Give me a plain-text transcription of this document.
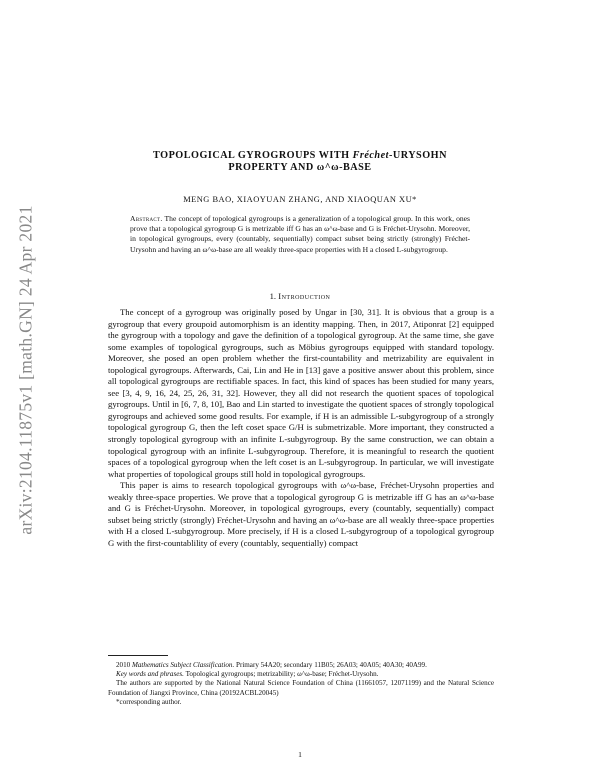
arXiv:2104.11875v1 [math.GN] 24 Apr 2021
TOPOLOGICAL GYROGROUPS WITH Fréchet-URYSOHN
PROPERTY AND ω^ω-BASE
MENG BAO, XIAOYUAN ZHANG, AND XIAOQUAN XU*
Abstract. The concept of topological gyrogroups is a generalization of a topological group. In this work, ones prove that a topological gyrogroup G is metrizable iff G has an ω^ω-base and G is Fréchet-Urysohn. Moreover, in topological gyrogroups, every (countably, sequentially) compact subset being strictly (strongly) Fréchet-Urysohn and having an ω^ω-base are all weakly three-space properties with H a closed L-subgyrogroup.
1. Introduction

The concept of a gyrogroup was originally posed by Ungar in [30, 31]. It is obvious that a group is a gyrogroup that every groupoid automorphism is an identity mapping. Then, in 2017, Atiponrat [2] equipped the gyrogroup with a topology and gave the definition of a topological gyrogroup. At the same time, she gave some examples of topological gyrogroups, such as Möbius gyrogroups equipped with standard topology. Moreover, she posed an open problem whether the first-countability and metrizability are equivalent in topological gyrogroups. Afterwards, Cai, Lin and He in [13] gave a positive answer about this problem, since all topological gyrogroups are rectifiable spaces. In fact, this kind of spaces has been studied for many years, see [3, 4, 9, 16, 24, 25, 26, 31, 32]. However, they all did not research the quotient spaces of topological gyrogroups. Until in [6, 7, 8, 10], Bao and Lin started to investigate the quotient spaces of strongly topological gyrogroups and achieved some good results. For example, if H is an admissible L-subgyrogroup of a strongly topological gyrogroup G, then the left coset space G/H is submetrizable. More important, they constructed a strongly topological gyrogroup with an infinite L-subgyrogroup. By the same construction, we can obtain a topological gyrogroup with an infinite L-subgyrogroup. Therefore, it is meaningful to research the quotient spaces of a topological gyrogroup when the left coset is an L-subgyrogroup. In particular, we will investigate what properties of topological groups still hold in topological gyrogroups.

This paper is aims to research topological gyrogroups with ω^ω-base, Fréchet-Urysohn properties and weakly three-space properties. We prove that a topological gyrogroup G is metrizable iff G has an ω^ω-base and G is Fréchet-Urysohn. Moreover, in topological gyrogroups, every (countably, sequentially) compact subset being strictly (strongly) Fréchet-Urysohn and having an ω^ω-base are all weakly three-space properties with H a closed L-subgyrogroup. More precisely, if H is a closed L-subgyrogroup of a topological gyrogroup G with the first-countablility of every (countably, sequentially) compact

2010 Mathematics Subject Classification. Primary 54A20; secondary 11B05; 26A03; 40A05; 40A30; 40A99.

Key words and phrases. Topological gyrogroups; metrizability; ω^ω-base; Fréchet-Urysohn.

The authors are supported by the National Natural Science Foundation of China (11661057, 12071199) and the Natural Science Foundation of Jiangxi Province, China (20192ACBL20045)

*corresponding author.

1
